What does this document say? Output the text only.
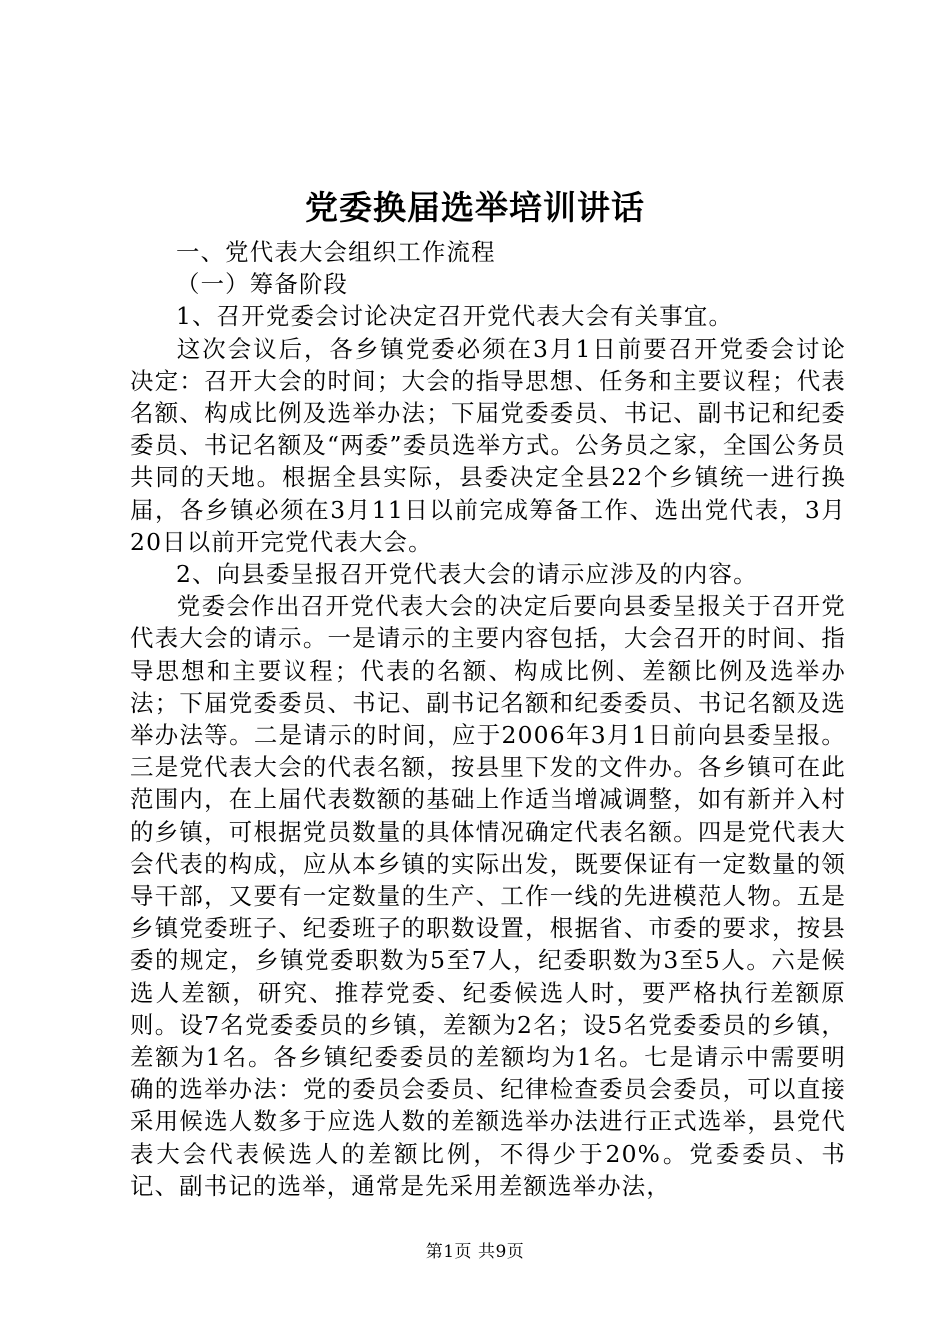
党委换届选举培训讲话

一、党代表大会组织工作流程

（一）筹备阶段

1、召开党委会讨论决定召开党代表大会有关事宜。

这次会议后，各乡镇党委必须在3月1日前要召开党委会讨论决定：召开大会的时间；大会的指导思想、任务和主要议程；代表名额、构成比例及选举办法；下届党委委员、书记、副书记和纪委委员、书记名额及“两委”委员选举方式。公务员之家，全国公务员共同的天地。根据全县实际，县委决定全县22个乡镇统一进行换届，各乡镇必须在3月11日以前完成筹备工作、选出党代表，3月20日以前开完党代表大会。

2、向县委呈报召开党代表大会的请示应涉及的内容。

党委会作出召开党代表大会的决定后要向县委呈报关于召开党代表大会的请示。一是请示的主要内容包括，大会召开的时间、指导思想和主要议程；代表的名额、构成比例、差额比例及选举办法；下届党委委员、书记、副书记名额和纪委委员、书记名额及选举办法等。二是请示的时间，应于2006年3月1日前向县委呈报。三是党代表大会的代表名额，按县里下发的文件办。各乡镇可在此范围内，在上届代表数额的基础上作适当增减调整，如有新并入村的乡镇，可根据党员数量的具体情况确定代表名额。四是党代表大会代表的构成，应从本乡镇的实际出发，既要保证有一定数量的领导干部，又要有一定数量的生产、工作一线的先进模范人物。五是乡镇党委班子、纪委班子的职数设置，根据省、市委的要求，按县委的规定，乡镇党委职数为5至7人，纪委职数为3至5人。六是候选人差额，研究、推荐党委、纪委候选人时，要严格执行差额原则。设7名党委委员的乡镇，差额为2名；设5名党委委员的乡镇，差额为1名。各乡镇纪委委员的差额均为1名。七是请示中需要明确的选举办法：党的委员会委员、纪律检查委员会委员，可以直接采用候选人数多于应选人数的差额选举办法进行正式选举，县党代表大会代表候选人的差额比例，不得少于20%。党委委员、书记、副书记的选举，通常是先采用差额选举办法，

第1页 共9页
